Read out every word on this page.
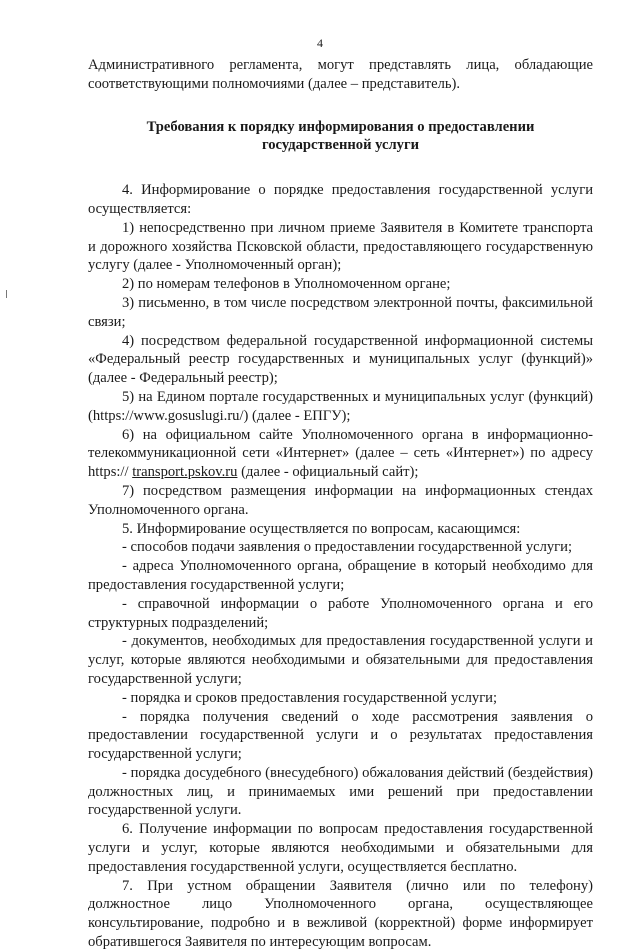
4

Административного регламента, могут представлять лица, обладающие соответствующими полномочиями (далее – представитель).

Требования к порядку информирования о предоставлении
государственной услуги

4. Информирование о порядке предоставления государственной услуги осуществляется:

1) непосредственно при личном приеме Заявителя в Комитете транспорта и дорожного хозяйства Псковской области, предоставляющего государственную услугу (далее - Уполномоченный орган);

2) по номерам телефонов в Уполномоченном органе;

3) письменно, в том числе посредством электронной почты, факсимильной связи;

4) посредством федеральной государственной информационной системы «Федеральный реестр государственных и муниципальных услуг (функций)» (далее - Федеральный реестр);

5) на Едином портале государственных и муниципальных услуг (функций) (https://www.gosuslugi.ru/) (далее - ЕПГУ);

6) на официальном сайте Уполномоченного органа в информационно-телекоммуникационной сети «Интернет» (далее – сеть «Интернет») по адресу https:// transport.pskov.ru (далее - официальный сайт);

7) посредством размещения информации на информационных стендах Уполномоченного органа.

5. Информирование осуществляется по вопросам, касающимся:

- способов подачи заявления о предоставлении государственной услуги;

- адреса Уполномоченного органа, обращение в который необходимо для предоставления государственной услуги;

- справочной информации о работе Уполномоченного органа и его структурных подразделений;

- документов, необходимых для предоставления государственной услуги и услуг, которые являются необходимыми и обязательными для предоставления государственной услуги;

- порядка и сроков предоставления государственной услуги;

- порядка получения сведений о ходе рассмотрения заявления о предоставлении государственной услуги и о результатах предоставления государственной услуги;

- порядка досудебного (внесудебного) обжалования действий (бездействия) должностных лиц, и принимаемых ими решений при предоставлении государственной услуги.

6. Получение информации по вопросам предоставления государственной услуги и услуг, которые являются необходимыми и обязательными для предоставления государственной услуги, осуществляется бесплатно.

7. При устном обращении Заявителя (лично или по телефону) должностное лицо Уполномоченного органа, осуществляющее консультирование, подробно и в вежливой (корректной) форме информирует обратившегося Заявителя по интересующим вопросам.
